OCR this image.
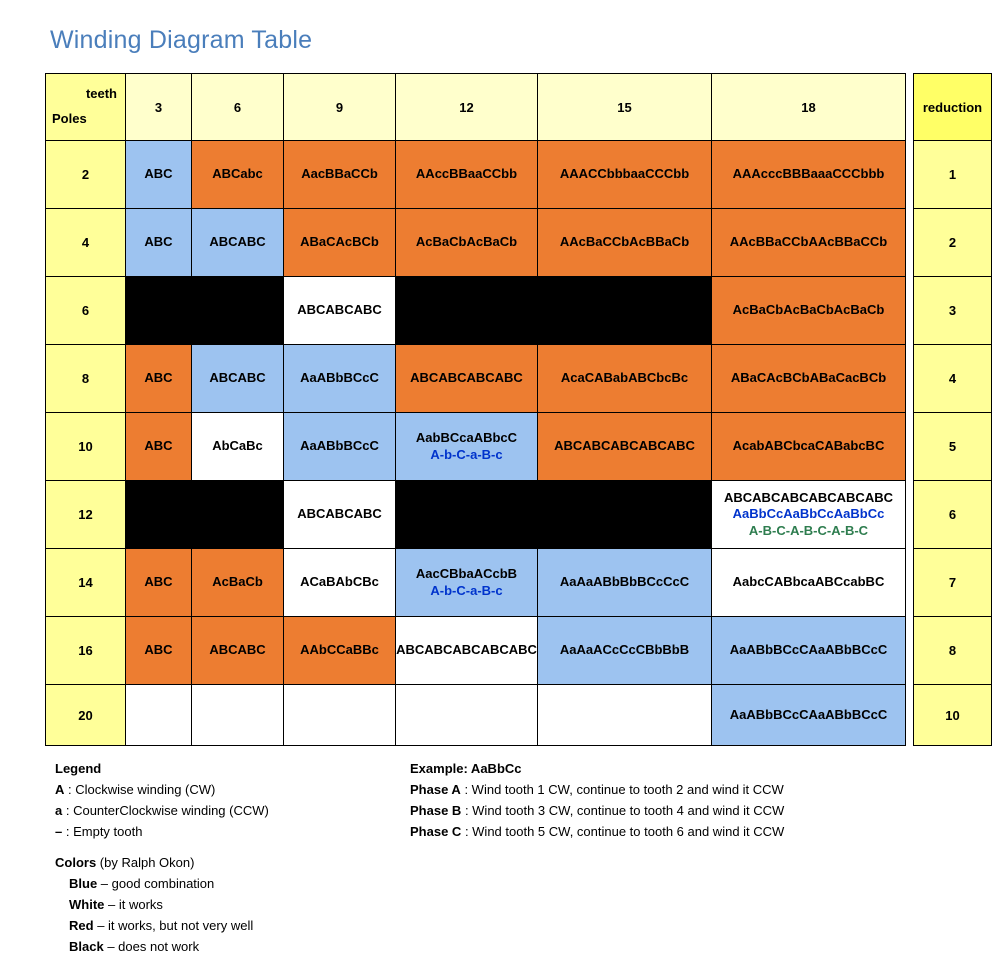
Winding Diagram Table
teeth
Poles	3	6	9	12	15	18		reduction
2	ABC	ABCabc	AacBBaCCb	AAccBBaaCCbb	AAACCbbbaaCCCbb	AAAcccBBBaaaCCCbbb		1
4	ABC	ABCABC	ABaCAcBCb	AcBaCbAcBaCb	AAcBaCCbAcBBaCb	AAcBBaCCbAAcBBaCCb		2
6			ABCABCABC			AcBaCbAcBaCbAcBaCb		3
8	ABC	ABCABC	AaABbBCcC	ABCABCABCABC	AcaCABabABCbcBc	ABaCAcBCbABaCacBCb		4
10	ABC	AbCaBc	AaABbBCcC	AabBCcaABbcC
A-b-C-a-B-c	ABCABCABCABCABC	AcabABCbcaCABabcBC		5
12			ABCABCABC			ABCABCABCABCABCABC
AaBbCcAaBbCcAaBbCc
A-B-C-A-B-C-A-B-C		6
14	ABC	AcBaCb	ACaBAbCBc	AacCBbaACcbB
A-b-C-a-B-c	AaAaABbBbBCcCcC	AabcCABbcaABCcabBC		7
16	ABC	ABCABC	AAbCCaBBc	ABCABCABCABCABC	AaAaACcCcCBbBbB	AaABbBCcCAaABbBCcC		8
20						AaABbBCcCAaABbBCcC		10
Legend
A : Clockwise winding (CW)
a : CounterClockwise winding (CCW)
– : Empty tooth
Colors (by Ralph Okon)
Blue – good combination
White – it works
Red – it works, but not very well
Black – does not work
Example: AaBbCc
Phase A : Wind tooth 1 CW, continue to tooth 2 and wind it CCW
Phase B : Wind tooth 3 CW, continue to tooth 4 and wind it CCW
Phase C : Wind tooth 5 CW, continue to tooth 6 and wind it CCW
